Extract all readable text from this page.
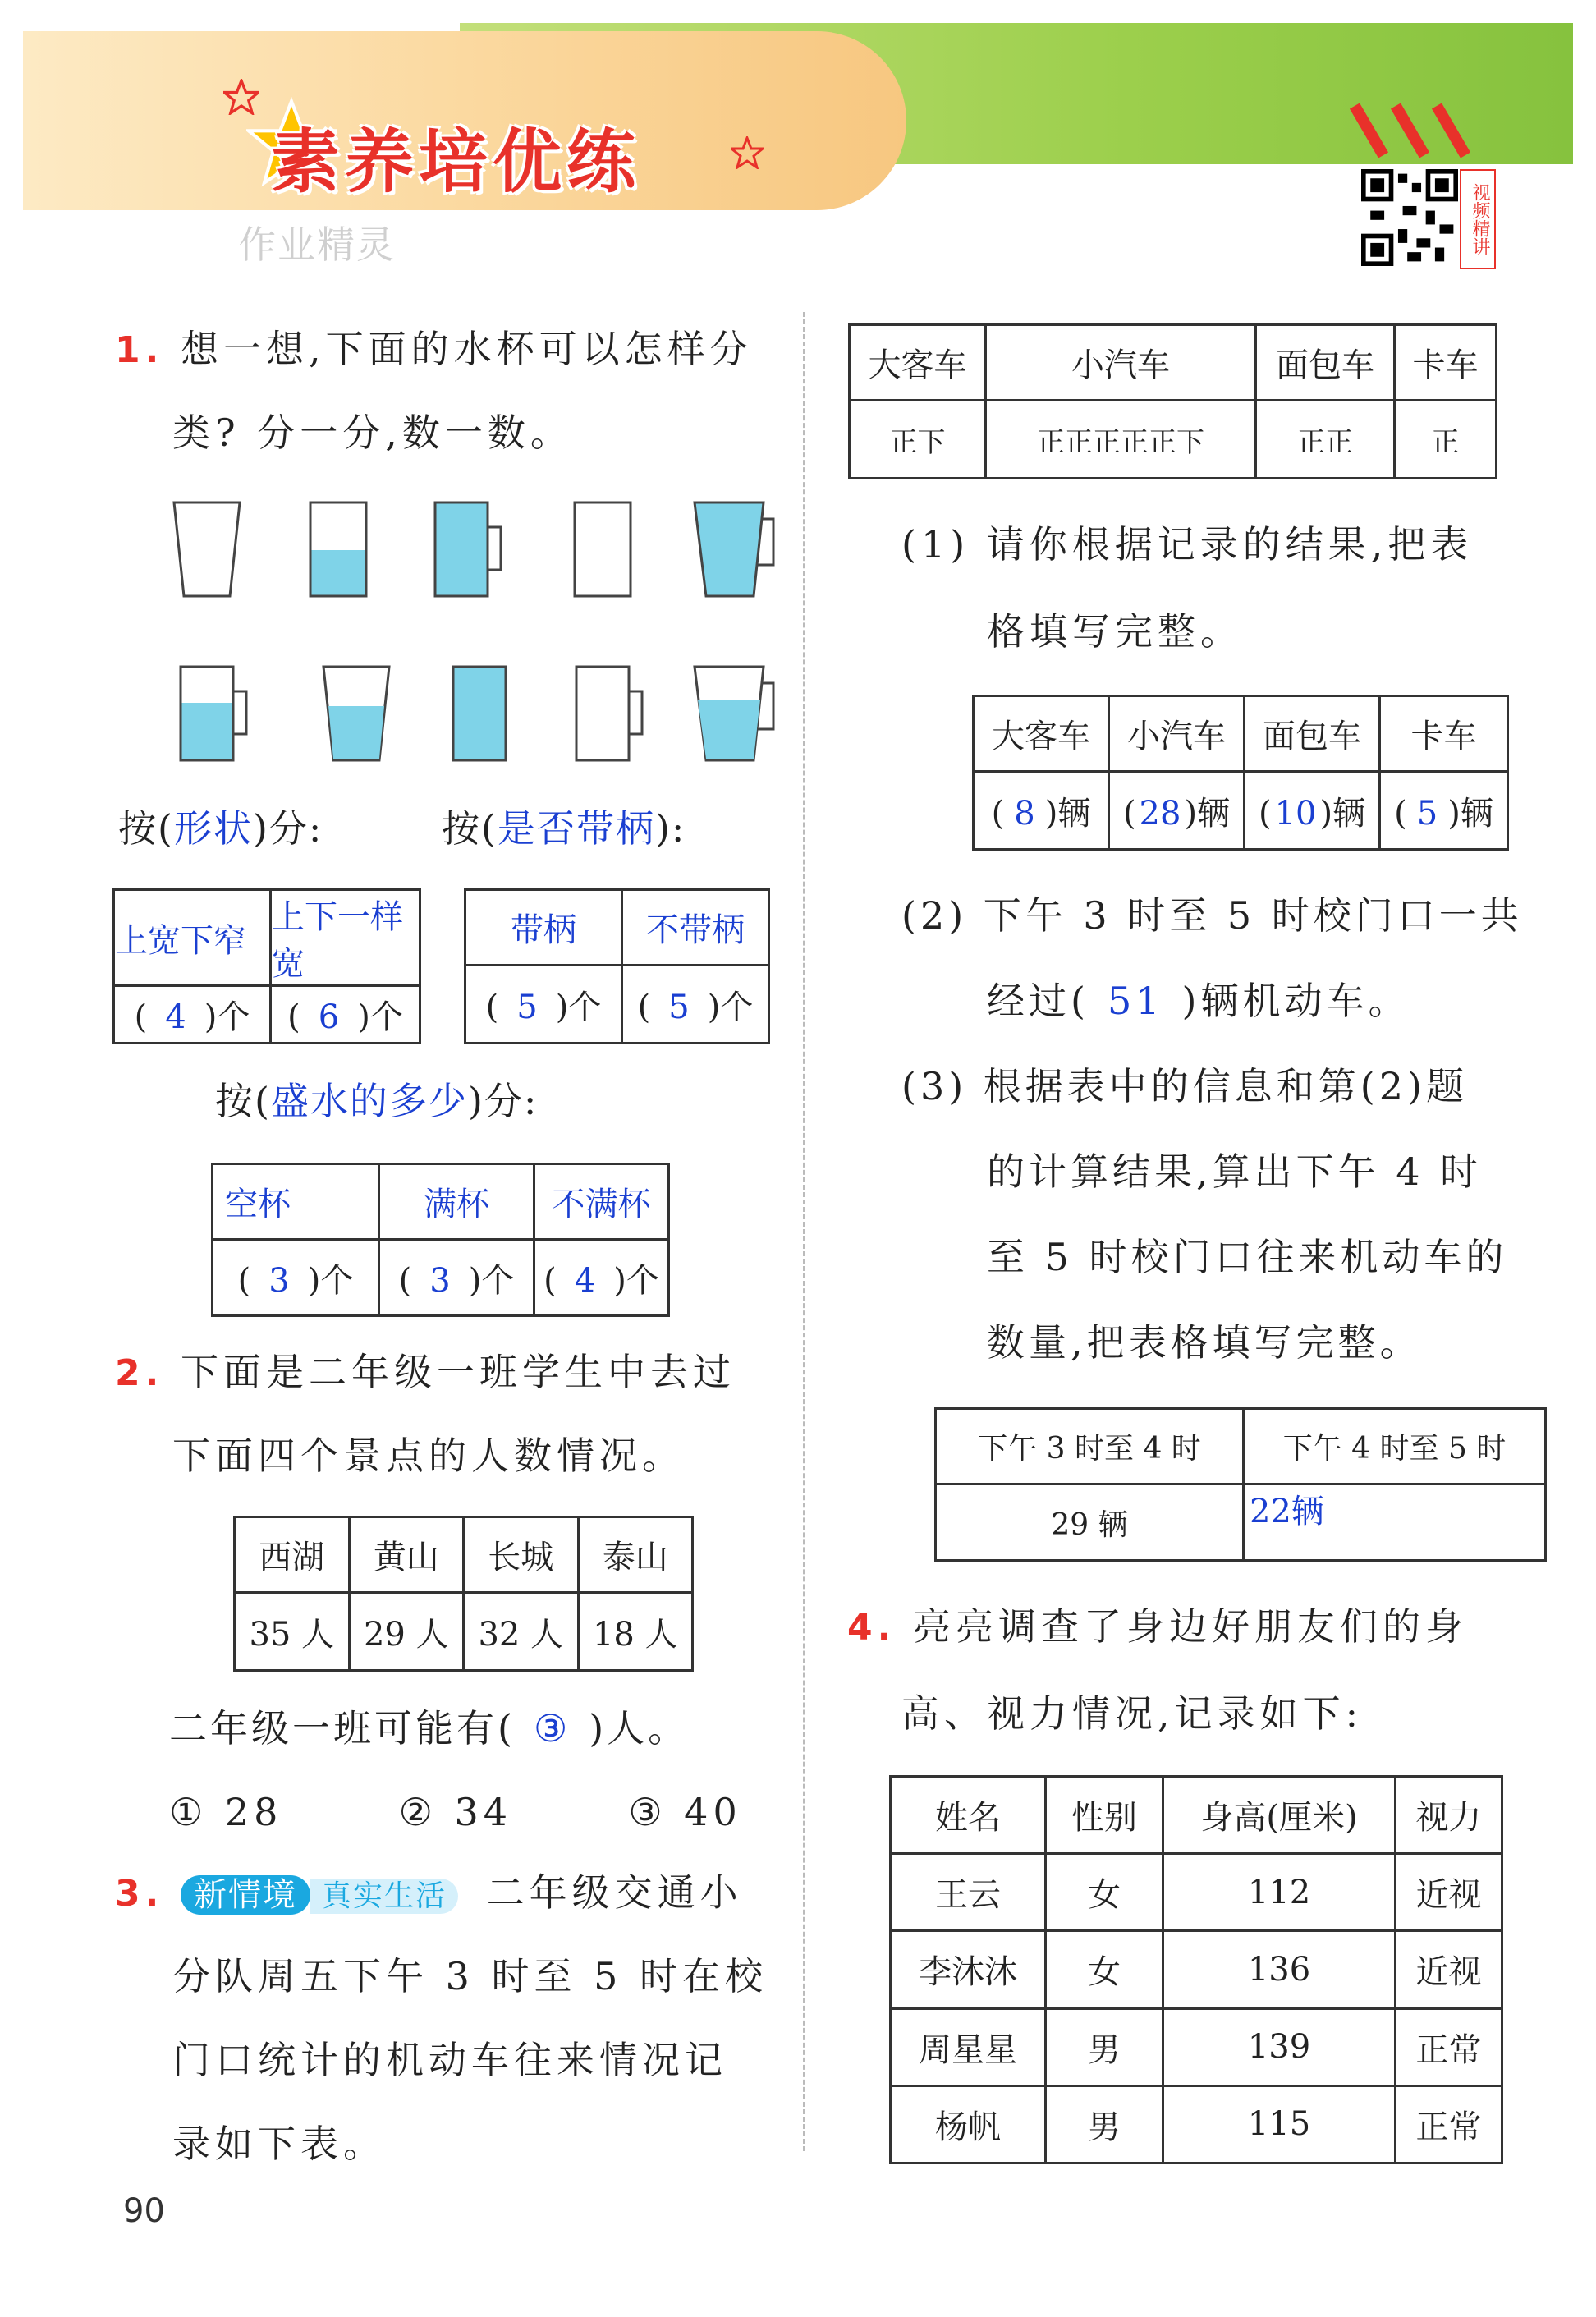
素养培优练
视频精讲
作业精灵
1. 想一想,下面的水杯可以怎样分
类? 分一分,数一数。
按(形状)分:	按(是否带柄):
上宽下窄	上下一样宽
( 4 )个	( 6 )个
带柄	不带柄
( 5 )个	( 5 )个
按(盛水的多少)分:
空杯	满杯	不满杯
( 3 )个	( 3 )个	( 4 )个
2. 下面是二年级一班学生中去过
下面四个景点的人数情况。
西湖	黄山	长城	泰山
35 人	29 人	32 人	18 人
二年级一班可能有( ③ )人。
① 28	② 34	③ 40
3. 新情境 真实生活 二年级交通小
分队周五下午 3 时至 5 时在校
门口统计的机动车往来情况记
录如下表。
大客车	小汽车	面包车	卡车
正下	正正正正正下	正正	正
(1) 请你根据记录的结果,把表
格填写完整。
大客车	小汽车	面包车	卡车
( 8 )辆	( 28 )辆	( 10 )辆	( 5 )辆
(2) 下午 3 时至 5 时校门口一共
经过( 51 )辆机动车。
(3) 根据表中的信息和第(2)题
的计算结果,算出下午 4 时
至 5 时校门口往来机动车的
数量,把表格填写完整。
下午 3 时至 4 时	下午 4 时至 5 时
29 辆	22辆
4. 亮亮调查了身边好朋友们的身
高、视力情况,记录如下:
姓名	性别	身高(厘米)	视力
王云	女	112	近视
李沐沐	女	136	近视
周星星	男	139	正常
杨帆	男	115	正常
90
